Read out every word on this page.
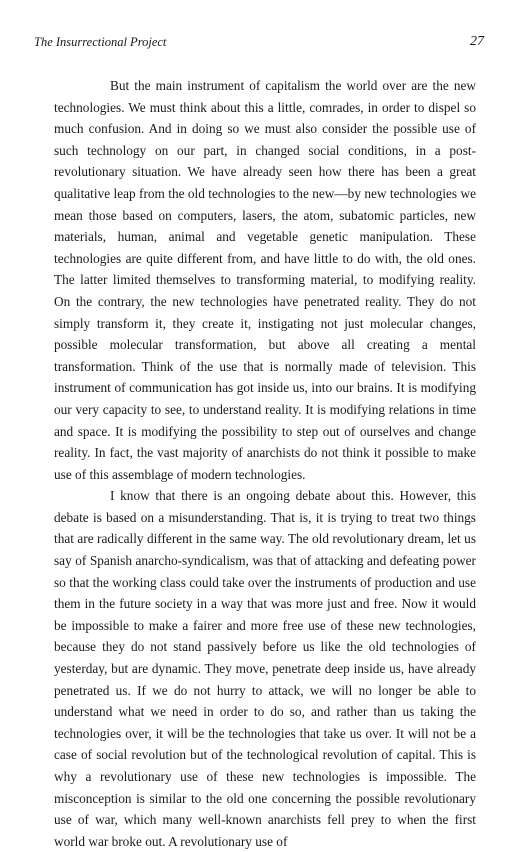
The Insurrectional Project	27

But the main instrument of capitalism the world over are the new technologies. We must think about this a little, comrades, in order to dispel so much confusion. And in doing so we must also consider the possible use of such technology on our part, in changed social conditions, in a post-revolutionary situation. We have already seen how there has been a great qualitative leap from the old technologies to the new—by new technologies we mean those based on computers, lasers, the atom, subatomic particles, new materials, human, animal and vegetable genetic manipulation. These technologies are quite different from, and have little to do with, the old ones. The latter limited themselves to transforming material, to modifying reality. On the contrary, the new technologies have penetrated reality. They do not simply transform it, they create it, instigating not just molecular changes, possible molecular transformation, but above all creating a mental transformation. Think of the use that is normally made of television. This instrument of communication has got inside us, into our brains. It is modifying our very capacity to see, to understand reality. It is modifying relations in time and space. It is modifying the possibility to step out of ourselves and change reality. In fact, the vast majority of anarchists do not think it possible to make use of this assemblage of modern technologies.

I know that there is an ongoing debate about this. However, this debate is based on a misunderstanding. That is, it is trying to treat two things that are radically different in the same way. The old revolutionary dream, let us say of Spanish anarcho-syndicalism, was that of attacking and defeating power so that the working class could take over the instruments of production and use them in the future society in a way that was more just and free. Now it would be impossible to make a fairer and more free use of these new technologies, because they do not stand passively before us like the old technologies of yesterday, but are dynamic. They move, penetrate deep inside us, have already penetrated us. If we do not hurry to attack, we will no longer be able to understand what we need in order to do so, and rather than us taking the technologies over, it will be the technologies that take us over. It will not be a case of social revolution but of the technological revolution of capital. This is why a revolutionary use of these new technologies is impossible. The misconception is similar to the old one concerning the possible revolutionary use of war, which many well-known anarchists fell prey to when the first world war broke out. A revolutionary use of
